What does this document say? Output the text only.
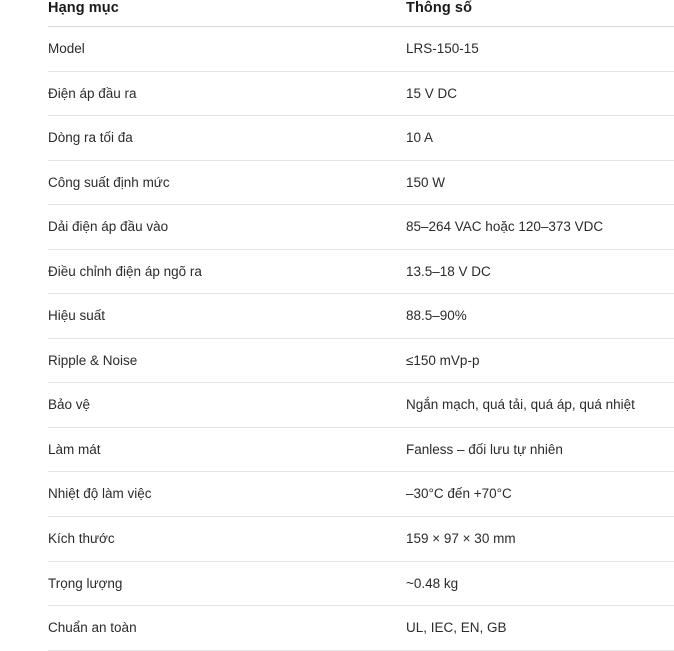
Hạng mục	Thông số
Model	LRS-150-15
Điện áp đầu ra	15 V DC
Dòng ra tối đa	10 A
Công suất định mức	150 W
Dải điện áp đầu vào	85–264 VAC hoặc 120–373 VDC
Điều chỉnh điện áp ngõ ra	13.5–18 V DC
Hiệu suất	88.5–90%
Ripple & Noise	≤150 mVp-p
Bảo vệ	Ngắn mạch, quá tải, quá áp, quá nhiệt
Làm mát	Fanless – đối lưu tự nhiên
Nhiệt độ làm việc	–30°C đến +70°C
Kích thước	159 × 97 × 30 mm
Trọng lượng	~0.48 kg
Chuẩn an toàn	UL, IEC, EN, GB
